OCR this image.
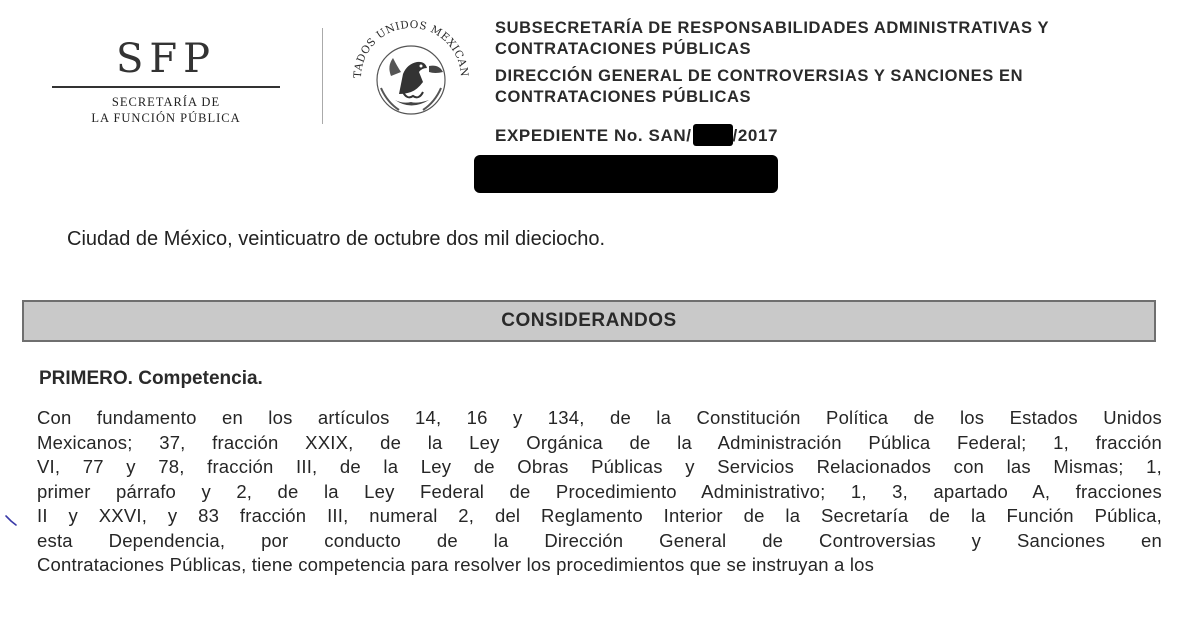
SFP
SECRETARÍA DE
LA FUNCIÓN PÚBLICA
TADOS UNIDOS MEXICAN
SUBSECRETARÍA DE RESPONSABILIDADES ADMINISTRATIVAS Y
CONTRATACIONES PÚBLICAS
DIRECCIÓN GENERAL DE CONTROVERSIAS Y SANCIONES EN
CONTRATACIONES PÚBLICAS
EXPEDIENTE No. SAN/ /2017
Ciudad de México, veinticuatro de octubre dos mil dieciocho.
CONSIDERANDOS
PRIMERO. Competencia.
Con fundamento en los artículos 14, 16 y 134, de la Constitución Política de los Estados Unidos
Mexicanos; 37, fracción XXIX, de la Ley Orgánica de la Administración Pública Federal; 1, fracción
VI, 77 y 78, fracción III, de la Ley de Obras Públicas y Servicios Relacionados con las Mismas; 1,
primer párrafo y 2, de la Ley Federal de Procedimiento Administrativo; 1, 3, apartado A, fracciones
II y XXVI, y 83 fracción III, numeral 2, del Reglamento Interior de la Secretaría de la Función Pública,
esta Dependencia, por conducto de la Dirección General de Controversias y Sanciones en
Contrataciones Públicas, tiene competencia para resolver los procedimientos que se instruyan a los
